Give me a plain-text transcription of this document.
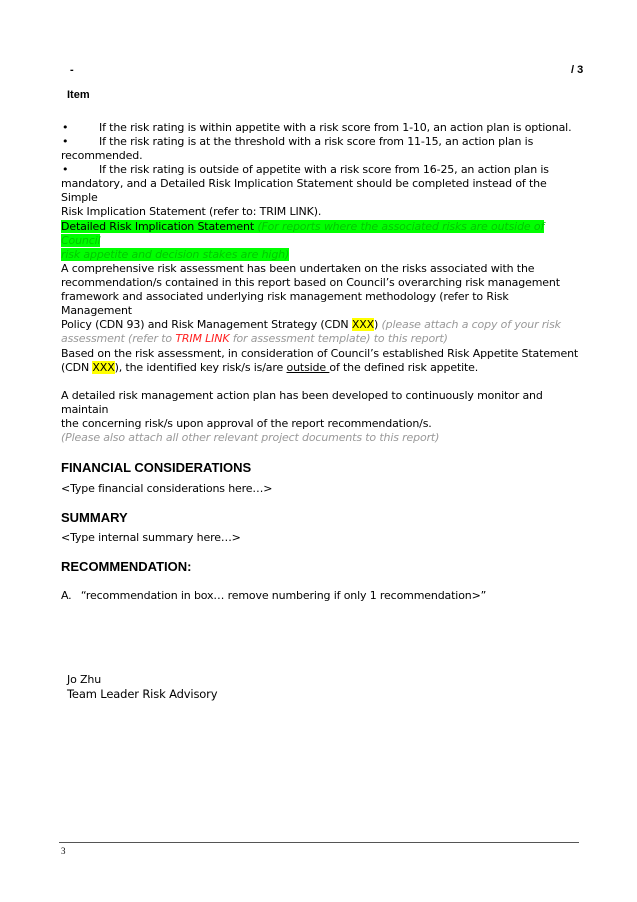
-	/ 3
Item
•	If the risk rating is within appetite with a risk score from 1-10, an action plan is optional.
•	If the risk rating is at the threshold with a risk score from 11-15, an action plan is
recommended.
•	If the risk rating is outside of appetite with a risk score from 16-25, an action plan is
mandatory, and a Detailed Risk Implication Statement should be completed instead of the Simple
Risk Implication Statement (refer to: TRIM LINK).
Detailed Risk Implication Statement (For reports where the associated risks are outside of Council
risk appetite and decision stakes are high)
A comprehensive risk assessment has been undertaken on the risks associated with the
recommendation/s contained in this report based on Council’s overarching risk management
framework and associated underlying risk management methodology (refer to Risk Management
Policy (CDN 93) and Risk Management Strategy (CDN XXX) (please attach a copy of your risk
assessment (refer to TRIM LINK for assessment template) to this report)
Based on the risk assessment, in consideration of Council’s established Risk Appetite Statement
(CDN XXX), the identified key risk/s is/are outside of the defined risk appetite.
A detailed risk management action plan has been developed to continuously monitor and maintain
the concerning risk/s upon approval of the report recommendation/s.
(Please also attach all other relevant project documents to this report)
FINANCIAL CONSIDERATIONS
<Type financial considerations here…>
SUMMARY
<Type internal summary here…>
RECOMMENDATION:
A. “recommendation in box… remove numbering if only 1 recommendation>”
Jo Zhu
Team Leader Risk Advisory
3
